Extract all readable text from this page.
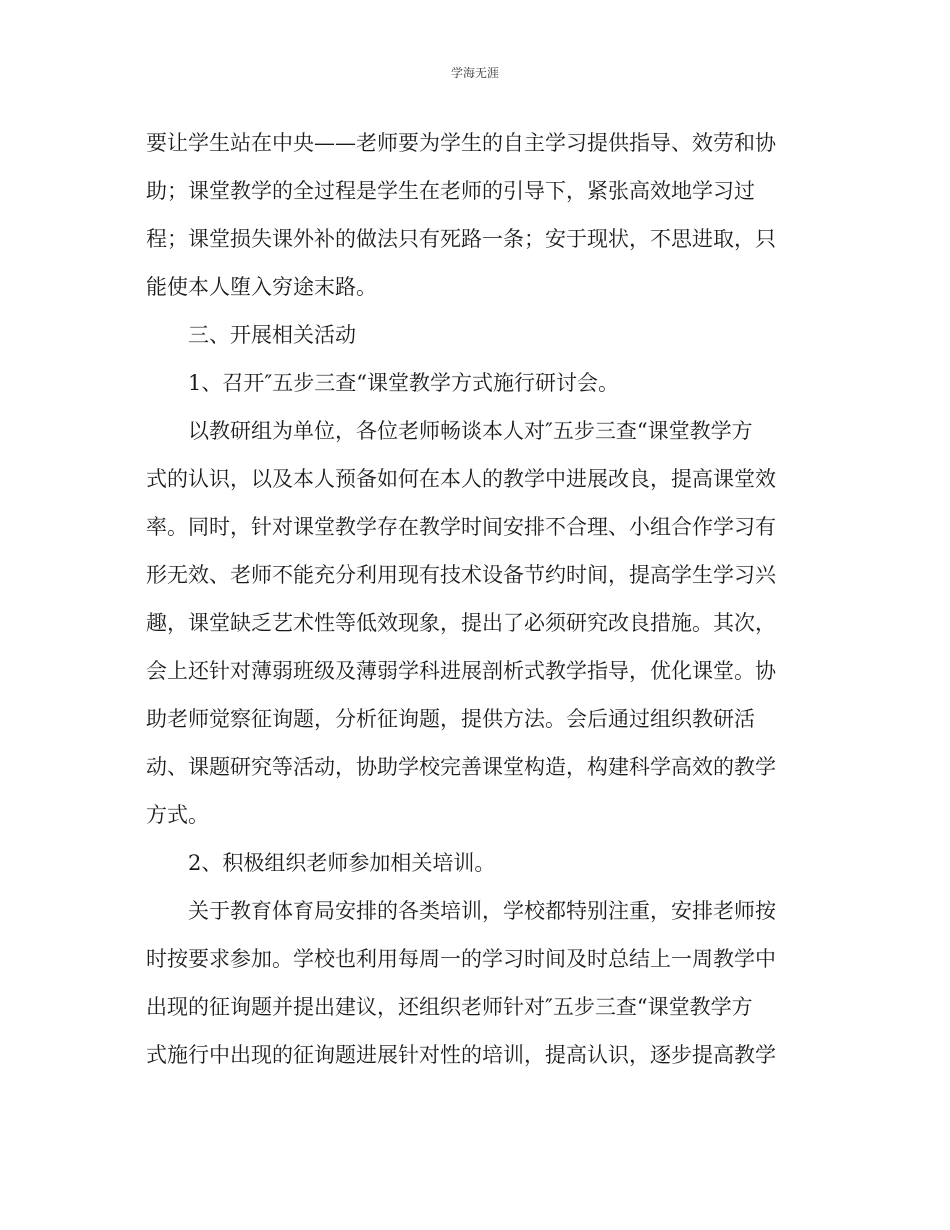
学海无涯
要让学生站在中央——老师要为学生的自主学习提供指导、效劳和协
助；课堂教学的全过程是学生在老师的引导下，紧张高效地学习过
程；课堂损失课外补的做法只有死路一条；安于现状，不思进取，只
能使本人堕入穷途末路。
三、开展相关活动
1、召开″五步三查“课堂教学方式施行研讨会。
以教研组为单位，各位老师畅谈本人对″五步三查“课堂教学方
式的认识，以及本人预备如何在本人的教学中进展改良，提高课堂效
率。同时，针对课堂教学存在教学时间安排不合理、小组合作学习有
形无效、老师不能充分利用现有技术设备节约时间，提高学生学习兴
趣，课堂缺乏艺术性等低效现象，提出了必须研究改良措施。其次，
会上还针对薄弱班级及薄弱学科进展剖析式教学指导，优化课堂。协
助老师觉察征询题，分析征询题，提供方法。会后通过组织教研活
动、课题研究等活动，协助学校完善课堂构造，构建科学高效的教学
方式。
2、积极组织老师参加相关培训。
关于教育体育局安排的各类培训，学校都特别注重，安排老师按
时按要求参加。学校也利用每周一的学习时间及时总结上一周教学中
出现的征询题并提出建议，还组织老师针对″五步三查“课堂教学方
式施行中出现的征询题进展针对性的培训，提高认识，逐步提高教学
